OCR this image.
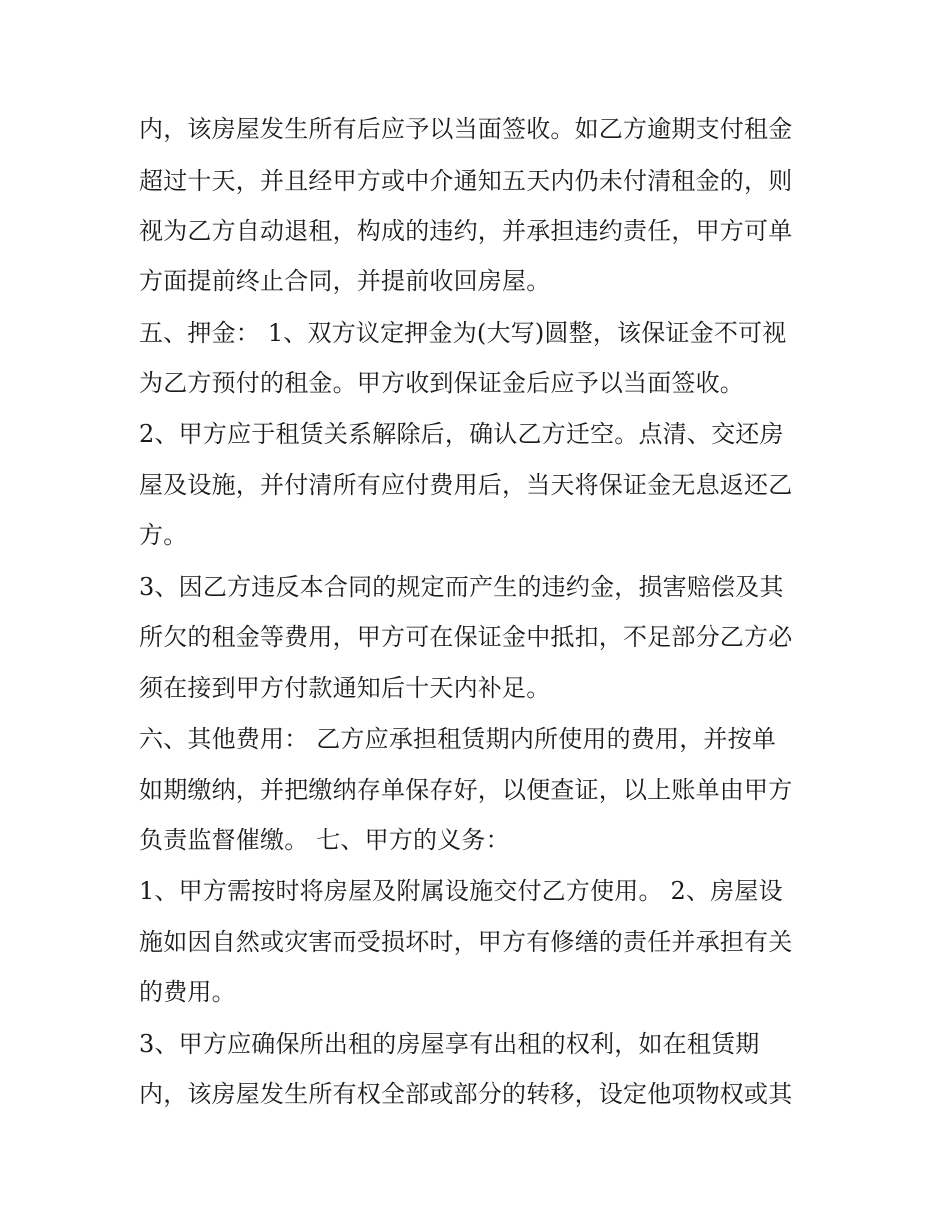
内，该房屋发生所有后应予以当面签收。如乙方逾期支付租金

超过十天，并且经甲方或中介通知五天内仍未付清租金的，则

视为乙方自动退租，构成的违约，并承担违约责任，甲方可单

方面提前终止合同，并提前收回房屋。

五、押金： 1、双方议定押金为(大写)圆整，该保证金不可视

为乙方预付的租金。甲方收到保证金后应予以当面签收。

2、甲方应于租赁关系解除后，确认乙方迁空。点清、交还房

屋及设施，并付清所有应付费用后，当天将保证金无息返还乙

方。

3、因乙方违反本合同的规定而产生的违约金，损害赔偿及其

所欠的租金等费用，甲方可在保证金中抵扣，不足部分乙方必

须在接到甲方付款通知后十天内补足。

六、其他费用： 乙方应承担租赁期内所使用的费用，并按单

如期缴纳，并把缴纳存单保存好，以便查证，以上账单由甲方

负责监督催缴。 七、甲方的义务：

1、甲方需按时将房屋及附属设施交付乙方使用。 2、房屋设

施如因自然或灾害而受损坏时，甲方有修缮的责任并承担有关

的费用。

3、甲方应确保所出租的房屋享有出租的权利，如在租赁期

内，该房屋发生所有权全部或部分的转移，设定他项物权或其
